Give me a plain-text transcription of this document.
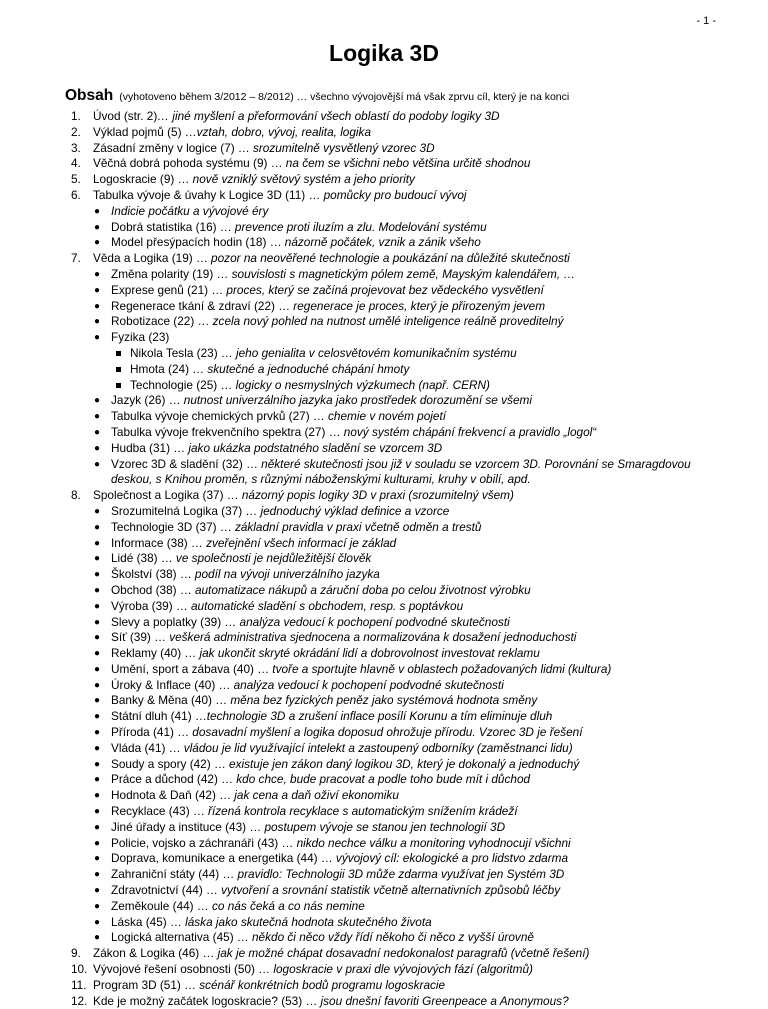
- 1 -
Logika 3D
Obsah (vyhotoveno během 3/2012 – 8/2012) … všechno vývojovější má však zprvu cíl, který je na konci
1.	Úvod (str. 2)… jiné myšlení a přeformování všech oblastí do podoby logiky 3D
2.	Výklad pojmů (5) …vztah, dobro, vývoj, realita, logika
3.	Zásadní změny v logice (7) … srozumitelně vysvětlený vzorec 3D
4.	Věčná dobrá pohoda systému (9) … na čem se všichni nebo většina určitě shodnou
5.	Logoskracie (9) … nově vzniklý světový systém a jeho priority
6.	Tabulka vývoje & úvahy k Logice 3D (11) … pomůcky pro budoucí vývoj
● Indicie počátku a vývojové éry
● Dobrá statistika (16) … prevence proti iluzím a zlu. Modelování systému
● Model přesýpacích hodin (18) … názorně počátek, vznik a zánik všeho
7.	Věda a Logika (19) … pozor na neověřené technologie a poukázání na důležité skutečnosti
● Změna polarity (19) … souvislosti s magnetickým pólem země, Mayským kalendářem, …
● Exprese genů (21) … proces, který se začíná projevovat bez vědeckého vysvětlení
● Regenerace tkání & zdraví (22) … regenerace je proces, který je přirozeným jevem
● Robotizace (22) … zcela nový pohled na nutnost umělé inteligence reálně proveditelný
● Fyzika (23)
Nikola Tesla (23) … jeho genialita v celosvětovém komunikačním systému
Hmota (24) … skutečné a jednoduché chápání hmoty
Technologie (25) … logicky o nesmyslných výzkumech (např. CERN)
● Jazyk (26) … nutnost univerzálního jazyka jako prostředek dorozumění se všemi
● Tabulka vývoje chemických prvků (27) … chemie v novém pojetí
● Tabulka vývoje frekvenčního spektra (27) … nový systém chápání frekvencí a pravidlo „logol“
● Hudba (31) … jako ukázka podstatného sladění se vzorcem 3D
● Vzorec 3D & sladění (32) … některé skutečnosti jsou již v souladu se vzorcem 3D. Porovnání se Smaragdovou deskou, s Knihou proměn, s různými náboženskými kulturami, kruhy v obilí, apd.
8.	Společnost a Logika (37) … názorný popis logiky 3D v praxi (srozumitelný všem)
● Srozumitelná Logika (37) … jednoduchý výklad definice a vzorce
● Technologie 3D (37) … základní pravidla v praxi včetně odměn a trestů
● Informace (38) … zveřejnění všech informací je základ
● Lidé (38) … ve společnosti je nejdůležitější člověk
● Školství (38) … podíl na vývoji univerzálního jazyka
● Obchod (38) … automatizace nákupů a záruční doba po celou životnost výrobku
● Výroba (39) … automatické sladění s obchodem, resp. s poptávkou
● Slevy a poplatky (39) … analýza vedoucí k pochopení podvodné skutečnosti
● Síť (39) … veškerá administrativa sjednocena a normalizována k dosažení jednoduchosti
● Reklamy (40) … jak ukončit skryté okrádání lidí a dobrovolnost investovat reklamu
● Umění, sport a zábava (40) … tvoře a sportujte hlavně v oblastech požadovaných lidmi (kultura)
● Úroky & Inflace (40) … analýza vedoucí k pochopení podvodné skutečnosti
● Banky & Měna (40) … měna bez fyzických peněz jako systémová hodnota směny
● Státní dluh (41) …technologie 3D a zrušení inflace posílí Korunu a tím eliminuje dluh
● Příroda (41) … dosavadní myšlení a logika doposud ohrožuje přírodu. Vzorec 3D je řešení
● Vláda (41) … vládou je lid využívající intelekt a zastoupený odborníky (zaměstnanci lidu)
● Soudy a spory (42) … existuje jen zákon daný logikou 3D, který je dokonalý a jednoduchý
● Práce a důchod (42) … kdo chce, bude pracovat a podle toho bude mít i důchod
● Hodnota & Daň (42) … jak cena a daň oživí ekonomiku
● Recyklace (43) … řízená kontrola recyklace s automatickým snížením krádeží
● Jiné úřady a instituce (43) … postupem vývoje se stanou jen technologií 3D
● Policie, vojsko a záchranáři (43) … nikdo nechce válku a monitoring vyhodnocují všichni
● Doprava, komunikace a energetika (44) … vývojový cíl: ekologické a pro lidstvo zdarma
● Zahraniční státy (44) … pravidlo: Technologii 3D může zdarma využívat jen Systém 3D
● Zdravotnictví (44) … vytvoření a srovnání statistik včetně alternativních způsobů léčby
● Zeměkoule (44) … co nás čeká a co nás nemine
● Láska (45) … láska jako skutečná hodnota skutečného života
● Logická alternativa (45) … někdo či něco vždy řídí někoho či něco z vyšší úrovně
9.	Zákon & Logika (46) … jak je možné chápat dosavadní nedokonalost paragrafů (včetně řešení)
10. Vývojové řešení osobnosti (50) … logoskracie v praxi dle vývojových fází (algoritmů)
11. Program 3D (51) … scénář konkrétních bodů programu logoskracie
12. Kde je možný začátek logoskracie? (53) … jsou dnešní favoriti Greenpeace a Anonymous?
